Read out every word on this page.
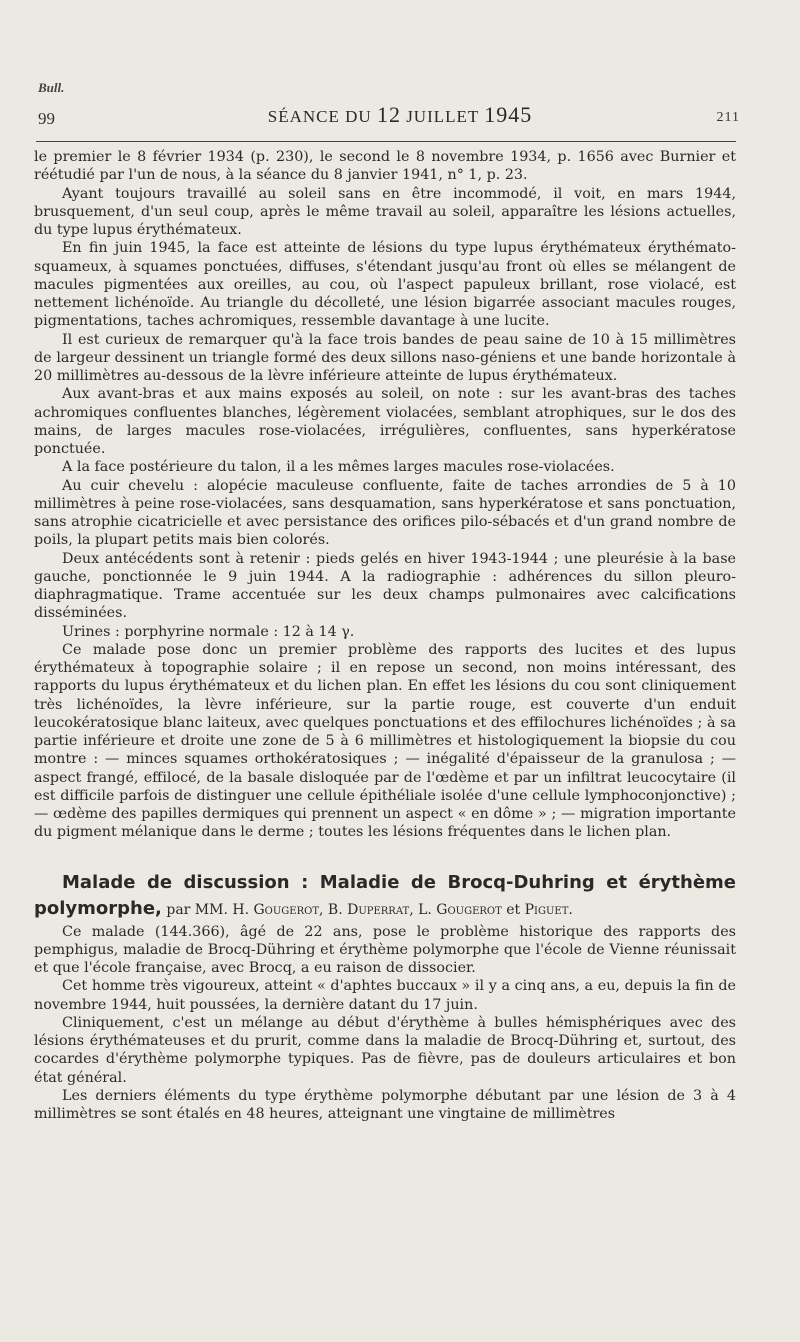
Bull.
99	SÉANCE DU 12 JUILLET 1945	211

le premier le 8 février 1934 (p. 230), le second le 8 novembre 1934, p. 1656 avec Burnier et réétudié par l'un de nous, à la séance du 8 janvier 1941, n° 1, p. 23.

Ayant toujours travaillé au soleil sans en être incommodé, il voit, en mars 1944, brusquement, d'un seul coup, après le même travail au soleil, apparaître les lésions actuelles, du type lupus érythémateux.

En fin juin 1945, la face est atteinte de lésions du type lupus érythémateux érythémato-squameux, à squames ponctuées, diffuses, s'étendant jusqu'au front où elles se mélangent de macules pigmentées aux oreilles, au cou, où l'aspect papuleux brillant, rose violacé, est nettement lichénoïde. Au triangle du décolleté, une lésion bigarrée associant macules rouges, pigmentations, taches achromiques, ressemble davantage à une lucite.

Il est curieux de remarquer qu'à la face trois bandes de peau saine de 10 à 15 millimètres de largeur dessinent un triangle formé des deux sillons naso-géniens et une bande horizontale à 20 millimètres au-dessous de la lèvre inférieure atteinte de lupus érythémateux.

Aux avant-bras et aux mains exposés au soleil, on note : sur les avant-bras des taches achromiques confluentes blanches, légèrement violacées, semblant atrophiques, sur le dos des mains, de larges macules rose-violacées, irrégulières, confluentes, sans hyperkératose ponctuée.

A la face postérieure du talon, il a les mêmes larges macules rose-violacées.

Au cuir chevelu : alopécie maculeuse confluente, faite de taches arrondies de 5 à 10 millimètres à peine rose-violacées, sans desquamation, sans hyperkératose et sans ponctuation, sans atrophie cicatricielle et avec persistance des orifices pilo-sébacés et d'un grand nombre de poils, la plupart petits mais bien colorés.

Deux antécédents sont à retenir : pieds gelés en hiver 1943-1944 ; une pleurésie à la base gauche, ponctionnée le 9 juin 1944. A la radiographie : adhérences du sillon pleuro-diaphragmatique. Trame accentuée sur les deux champs pulmonaires avec calcifications disséminées.

Urines : porphyrine normale : 12 à 14 γ.

Ce malade pose donc un premier problème des rapports des lucites et des lupus érythémateux à topographie solaire ; il en repose un second, non moins intéressant, des rapports du lupus érythémateux et du lichen plan. En effet les lésions du cou sont cliniquement très lichénoïdes, la lèvre inférieure, sur la partie rouge, est couverte d'un enduit leucokératosique blanc laiteux, avec quelques ponctuations et des effilochures lichénoïdes ; à sa partie inférieure et droite une zone de 5 à 6 millimètres et histologiquement la biopsie du cou montre : — minces squames orthokératosiques ; — inégalité d'épaisseur de la granulosa ; — aspect frangé, effilocé, de la basale disloquée par de l'œdème et par un infiltrat leucocytaire (il est difficile parfois de distinguer une cellule épithéliale isolée d'une cellule lymphoconjonctive) ; — œdème des papilles dermiques qui prennent un aspect « en dôme » ; — migration importante du pigment mélanique dans le derme ; toutes les lésions fréquentes dans le lichen plan.

Malade de discussion : Maladie de Brocq-Duhring et érythème polymorphe, par MM. H. Gougerot, B. Duperrat, L. Gougerot et Piguet.

Ce malade (144.366), âgé de 22 ans, pose le problème historique des rapports des pemphigus, maladie de Brocq-Dühring et érythème polymorphe que l'école de Vienne réunissait et que l'école française, avec Brocq, a eu raison de dissocier.

Cet homme très vigoureux, atteint « d'aphtes buccaux » il y a cinq ans, a eu, depuis la fin de novembre 1944, huit poussées, la dernière datant du 17 juin.

Cliniquement, c'est un mélange au début d'érythème à bulles hémisphériques avec des lésions érythémateuses et du prurit, comme dans la maladie de Brocq-Dühring et, surtout, des cocardes d'érythème polymorphe typiques. Pas de fièvre, pas de douleurs articulaires et bon état général.

Les derniers éléments du type érythème polymorphe débutant par une lésion de 3 à 4 millimètres se sont étalés en 48 heures, atteignant une vingtaine de millimètres
